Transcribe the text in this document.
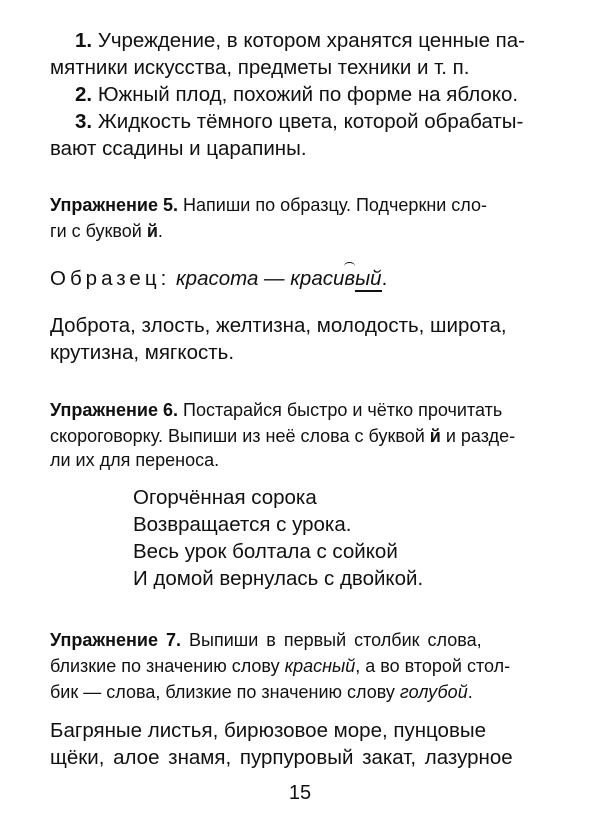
1. Учреждение, в котором хранятся ценные па-
мятники искусства, предметы техники и т. п.
2. Южный плод, похожий по форме на яблоко.
3. Жидкость тёмного цвета, которой обрабаты-
вают ссадины и царапины.
Упражнение 5. Напиши по образцу. Подчеркни сло-
ги с буквой й.
Образец: красота — красивый.
Доброта, злость, желтизна, молодость, широта,
крутизна, мягкость.
Упражнение 6. Постарайся быстро и чётко прочитать
скороговорку. Выпиши из неё слова с буквой й и разде-
ли их для переноса.
Огорчённая сорока
Возвращается с урока.
Весь урок болтала с сойкой
И домой вернулась с двойкой.
Упражнение 7. Выпиши в первый столбик слова,
близкие по значению слову красный, а во второй стол-
бик — слова, близкие по значению слову голубой.
Багряные листья, бирюзовое море, пунцовые
щёки, алое знамя, пурпуровый закат, лазурное
15
